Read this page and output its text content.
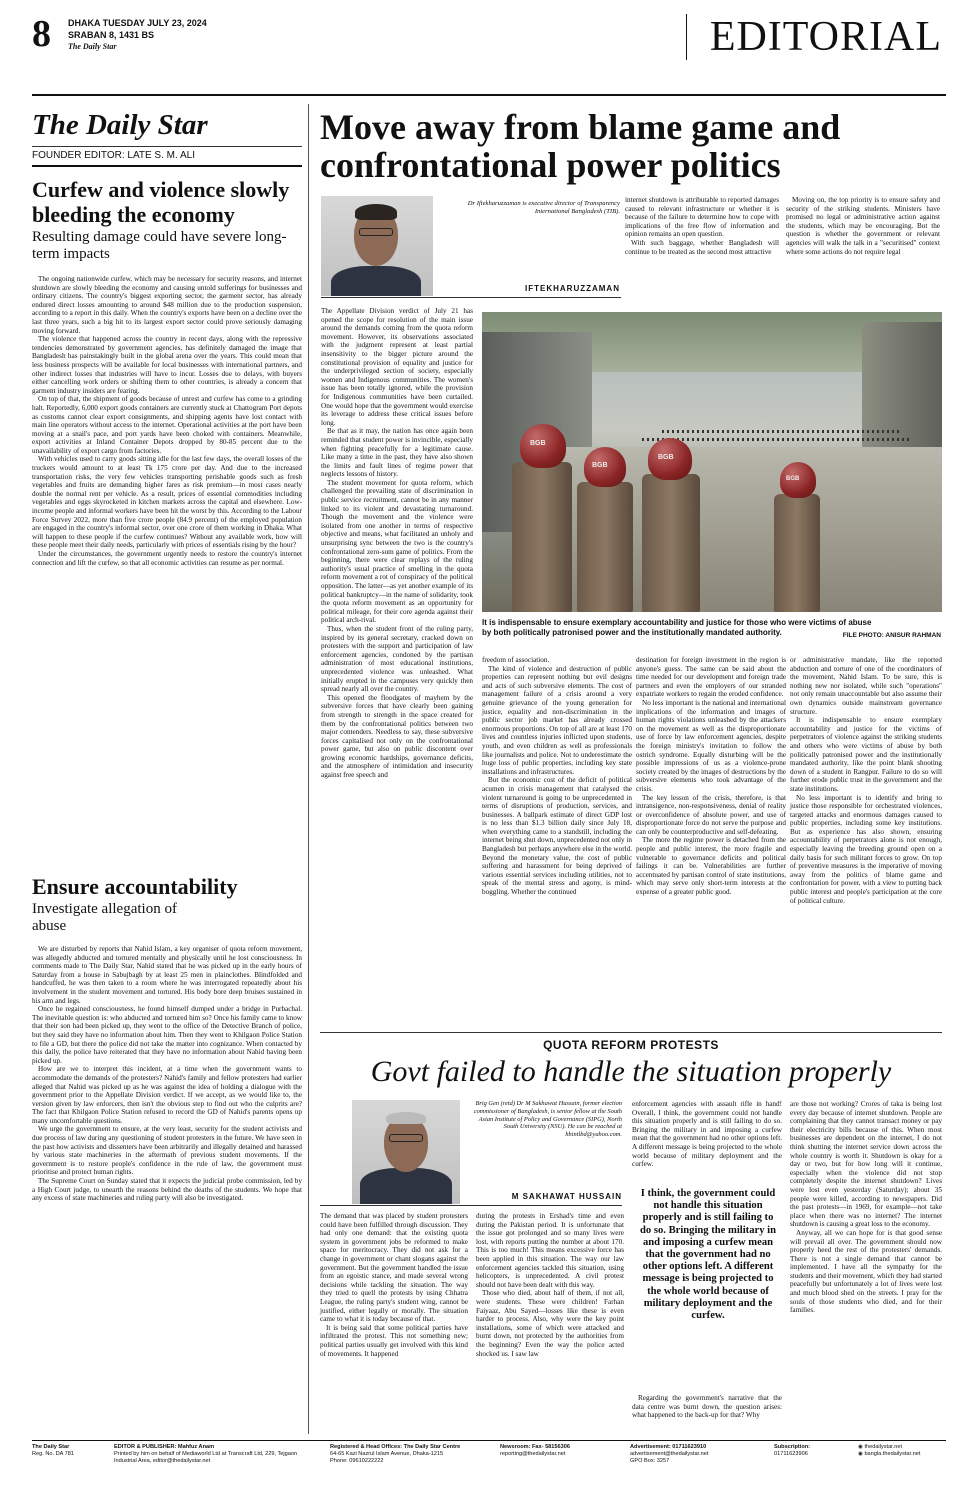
8 DHAKA TUESDAY JULY 23, 2024
SRABAN 8, 1431 BS
The Daily Star	EDITORIAL
The Daily Star
FOUNDER EDITOR: LATE S. M. ALI
Curfew and violence slowly bleeding the economy
Resulting damage could have severe long-term impacts

The ongoing nationwide curfew, which may be necessary for security reasons, and internet shutdown are slowly bleeding the economy and causing untold sufferings for businesses and ordinary citizens. The country's biggest exporting sector, the garment sector, has already endured direct losses amounting to around $48 million due to the production suspension, according to a report in this daily. When the country's exports have been on a decline over the last three years, such a big hit to its largest export sector could prove seriously damaging moving forward.

The violence that happened across the country in recent days, along with the repressive tendencies demonstrated by government agencies, has definitely damaged the image that Bangladesh has painstakingly built in the global arena over the years. This could mean that less business prospects will be available for local businesses with international partners, and other indirect losses that industries will have to incur. Losses due to delays, with buyers either cancelling work orders or shifting them to other countries, is already a concern that garment industry insiders are fearing.

On top of that, the shipment of goods because of unrest and curfew has come to a grinding halt. Reportedly, 6,000 export goods containers are currently stuck at Chattogram Port depots as customs cannot clear export consignments, and shipping agents have lost contact with main line operators without access to the internet. Operational activities at the port have been moving at a snail's pace, and port yards have been choked with containers. Meanwhile, export activities at Inland Container Depots dropped by 80-85 percent due to the unavailability of export cargo from factories.

With vehicles used to carry goods sitting idle for the last few days, the overall losses of the truckers would amount to at least Tk 175 crore per day. And due to the increased transportation risks, the very few vehicles transporting perishable goods such as fresh vegetables and fruits are demanding higher fares as risk premium—in most cases nearly double the normal rent per vehicle. As a result, prices of essential commodities including vegetables and eggs skyrocketed in kitchen markets across the capital and elsewhere. Low-income people and informal workers have been hit the worst by this. According to the Labour Force Survey 2022, more than five crore people (84.9 percent) of the employed population are engaged in the country's informal sector, over one crore of them working in Dhaka. What will happen to these people if the curfew continues? Without any available work, how will these people meet their daily needs, particularly with prices of essentials rising by the hour?

Under the circumstances, the government urgently needs to restore the country's internet connection and lift the curfew, so that all economic activities can resume as per normal.

Ensure accountability
Investigate allegation of abuse

We are disturbed by reports that Nahid Islam, a key organiser of quota reform movement, was allegedly abducted and tortured mentally and physically until he lost consciousness. In comments made to The Daily Star, Nahid stated that he was picked up in the early hours of Saturday from a house in Sabujbagh by at least 25 men in plainclothes. Blindfolded and handcuffed, he was then taken to a room where he was interrogated repeatedly about his involvement in the student movement and tortured. His body bore deep bruises sustained in his arm and legs.

Once he regained consciousness, he found himself dumped under a bridge in Purbachal. The inevitable question is: who abducted and tortured him so? Once his family came to know that their son had been picked up, they went to the office of the Detective Branch of police, but they said they have no information about him. Then they went to Khilgaon Police Station to file a GD, but there the police did not take the matter into cognizance. When contacted by this daily, the police have reiterated that they have no information about Nahid having been picked up.

How are we to interpret this incident, at a time when the government wants to accommodate the demands of the protesters? Nahid's family and fellow protesters had earlier alleged that Nahid was picked up as he was against the idea of holding a dialogue with the government prior to the Appellate Division verdict. If we accept, as we would like to, the version given by law enforcers, then isn't the obvious step to find out who the culprits are? The fact that Khilgaon Police Station refused to record the GD of Nahid's parents opens up many uncomfortable questions.

We urge the government to ensure, at the very least, security for the student activists and due process of law during any questioning of student protesters in the future. We have seen in the past how activists and dissenters have been arbitrarily and illegally detained and harassed by various state machineries in the aftermath of previous student movements. If the government is to restore people's confidence in the rule of law, the government must prioritise and protect human rights.

The Supreme Court on Sunday stated that it expects the judicial probe commission, led by a High Court judge, to unearth the reasons behind the deaths of the students. We hope that any excess of state machineries and ruling party will also be investigated.

Move away from blame game and confrontational power politics
Dr Iftekharuzzaman is executive director of Transparency International Bangladesh (TIB).
IFTEKHARUZZAMAN

internet shutdown is attributable to reported damages caused to relevant infrastructure or whether it is because of the failure to determine how to cope with implications of the free flow of information and opinion remains an open question.

With such baggage, whether Bangladesh will continue to be treated as the second most attractive

Moving on, the top priority is to ensure safety and security of the striking students. Ministers have promised no legal or administrative action against the students, which may be encouraging. But the question is whether the government or relevant agencies will walk the talk in a "securitised" context where some actions do not require legal

The Appellate Division verdict of July 21 has opened the scope for resolution of the main issue around the demands coming from the quota reform movement. However, its observations associated with the judgment represent at least partial insensitivity to the bigger picture around the constitutional provision of equality and justice for the underprivileged section of society, especially women and Indigenous communities. The women's issue has been totally ignored, while the provision for Indigenous communities have been curtailed. One would hope that the government would exercise its leverage to address these critical issues before long.

Be that as it may, the nation has once again been reminded that student power is invincible, especially when fighting peacefully for a legitimate cause. Like many a time in the past, they have also shown the limits and fault lines of regime power that neglects lessons of history.

The student movement for quota reform, which challenged the prevailing state of discrimination in public service recruitment, cannot be in any manner linked to its violent and devastating turnaround. Though the movement and the violence were isolated from one another in terms of respective objective and means, what facilitated an unholy and unsurprising sync between the two is the country's confrontational zero-sum game of politics. From the beginning, there were clear replays of the ruling authority's usual practice of smelling in the quota reform movement a rot of conspiracy of the political opposition. The latter—as yet another example of its political bankruptcy—in the name of solidarity, took the quota reform movement as an opportunity for political mileage, for their core agenda against their political arch-rival.

Thus, when the student front of the ruling party, inspired by its general secretary, cracked down on protesters with the support and participation of law enforcement agencies, condoned by the partisan administration of most educational institutions, unprecedented violence was unleashed. What initially erupted in the campuses very quickly then spread nearly all over the country.

This opened the floodgates of mayhem by the subversive forces that have clearly been gaining from strength to strength in the space created for them by the confrontational politics between two major contenders. Needless to say, these subversive forces capitalised not only on the confrontational power game, but also on public discontent over growing economic hardships, governance deficits, and the atmosphere of intimidation and insecurity against free speech and

BGB
BGB
BGB
BGB
It is indispensable to ensure exemplary accountability and justice for those who were victims of abuse by both politically patronised power and the institutionally mandated authority.	FILE PHOTO: ANISUR RAHMAN

freedom of association.

The kind of violence and destruction of public properties can represent nothing but evil designs and acts of such subversive elements. The cost of management failure of a crisis around a very genuine grievance of the young generation for justice, equality and non-discrimination in the public sector job market has already crossed enormous proportions. On top of all are at least 170 lives and countless injuries inflicted upon students, youth, and even children as well as professionals like journalists and police. Not to underestimate the huge loss of public properties, including key state installations and infrastructures.

But the economic cost of the deficit of political acumen in crisis management that catalysed the violent turnaround is going to be unprecedented in terms of disruptions of production, services, and businesses. A ballpark estimate of direct GDP lost is no less than $1.3 billion daily since July 18, when everything came to a standstill, including the internet being shut down, unprecedented not only in Bangladesh but perhaps anywhere else in the world. Beyond the monetary value, the cost of public suffering and harassment for being deprived of various essential services including utilities, not to speak of the mental stress and agony, is mind-boggling. Whether the continued

destination for foreign investment in the region is anyone's guess. The same can be said about the time needed for our development and foreign trade partners and even the employers of our stranded expatriate workers to regain the eroded confidence.

No less important is the national and international implications of the information and images of human rights violations unleashed by the attackers on the movement as well as the disproportionate use of force by law enforcement agencies, despite the foreign ministry's invitation to follow the ostrich syndrome. Equally disturbing will be the possible impressions of us as a violence-prone society created by the images of destructions by the subversive elements who took advantage of the crisis.

The key lesson of the crisis, therefore, is that intransigence, non-responsiveness, denial of reality or overconfidence of absolute power, and use of disproportionate force do not serve the purpose and can only be counterproductive and self-defeating.

The more the regime power is detached from the people and public interest, the more fragile and vulnerable to governance deficits and political failings it can be. Vulnerabilities are further accentuated by partisan control of state institutions, which may serve only short-term interests at the expense of a greater public good.

or administrative mandate, like the reported abduction and torture of one of the coordinators of the movement, Nahid Islam. To be sure, this is nothing new nor isolated, while such "operations" not only remain unaccountable but also assume their own dynamics outside mainstream governance structure.

It is indispensable to ensure exemplary accountability and justice for the victims of perpetrators of violence against the striking students and others who were victims of abuse by both politically patronised power and the institutionally mandated authority, like the point blank shooting down of a student in Rangpur. Failure to do so will further erode public trust in the government and the state institutions.

No less important is to identify and bring to justice those responsible for orchestrated violences, targeted attacks and enormous damages caused to public properties, including some key institutions. But as experience has also shown, ensuring accountability of perpetrators alone is not enough, especially leaving the breeding ground open on a daily basis for such militant forces to grow. On top of preventive measures is the imperative of moving away from the politics of blame game and confrontation for power, with a view to putting back public interest and people's participation at the core of political culture.

QUOTA REFORM PROTESTS
Govt failed to handle the situation properly
Brig Gen (retd) Dr M Sakhawat Hussain, former election commissioner of Bangladesh, is senior fellow at the South Asian Institute of Policy and Governance (SIPG), North South University (NSU). He can be reached at hhintlbd@yahoo.com.
M SAKHAWAT HUSSAIN

The demand that was placed by student protesters could have been fulfilled through discussion. They had only one demand: that the existing quota system in government jobs be reformed to make space for meritocracy. They did not ask for a change in government or chant slogans against the government. But the government handled the issue from an egoistic stance, and made several wrong decisions while tackling the situation. The way they tried to quell the protests by using Chhatra League, the ruling party's student wing, cannot be justified, either legally or morally. The situation came to what it is today because of that.

It is being said that some political parties have infiltrated the protest. This not something new; political parties usually get involved with this kind of movements. It happened

during the protests in Ershad's time and even during the Pakistan period. It is unfortunate that the issue got prolonged and so many lives were lost, with reports putting the number at about 170. This is too much! This means excessive force has been applied in this situation. The way our law enforcement agencies tackled this situation, using helicopters, is unprecedented. A civil protest should not have been dealt with this way.

Those who died, about half of them, if not all, were students. These were children! Farhan Faiyaaz, Abu Sayed—losses like these is even harder to process. Also, why were the key point installations, some of which were attacked and burnt down, not protected by the authorities from the beginning? Even the way the police acted shocked us. I saw law

enforcement agencies with assault rifle in hand! Overall, I think, the government could not handle this situation properly and is still failing to do so. Bringing the military in and imposing a curfew mean that the government had no other options left. A different message is being projected to the whole world because of military deployment and the curfew.

I think, the government could not handle this situation properly and is still failing to do so. Bringing the military in and imposing a curfew mean that the government had no other options left. A different message is being projected to the whole world because of military deployment and the curfew.

Regarding the government's narrative that the data centre was burnt down, the question arises: what happened to the back-up for that? Why

are those not working? Crores of taka is being lost every day because of internet shutdown. People are complaining that they cannot transact money or pay their electricity bills because of this. When most businesses are dependent on the internet, I do not think shutting the internet service down across the whole country is worth it. Shutdown is okay for a day or two, but for how long will it continue, especially when the violence did not stop completely despite the internet shutdown? Lives were lost even yesterday (Saturday); about 35 people were killed, according to newspapers. Did the past protests—in 1969, for example—not take place when there was no internet? The internet shutdown is causing a great loss to the economy.

Anyway, all we can hope for is that good sense will prevail all over. The government should now properly heed the rest of the protesters' demands. There is not a single demand that cannot be implemented. I have all the sympathy for the students and their movement, which they had started peacefully but unfortunately a lot of lives were lost and much blood shed on the streets. I pray for the souls of those students who died, and for their families.

The Daily Star
Reg. No. DA 781
EDITOR & PUBLISHER: Mahfuz Anam
Printed by him on behalf of Mediaworld Ltd at Transcraft Ltd, 229, Tejgaon Industrial Area, editor@thedailystar.net
Registered & Head Offices: The Daily Star Centre
64-65 Kazi Nazrul Islam Avenue, Dhaka-1215
Phone: 09610222222
Newsroom: Fax- 58156306
reporting@thedailystar.net
Advertisement: 01711623910
advertisement@thedailystar.net
GPO Box: 3257
Subscription:
01711623906
◉ thedailystar.net
◉ bangla.thedailystar.net
